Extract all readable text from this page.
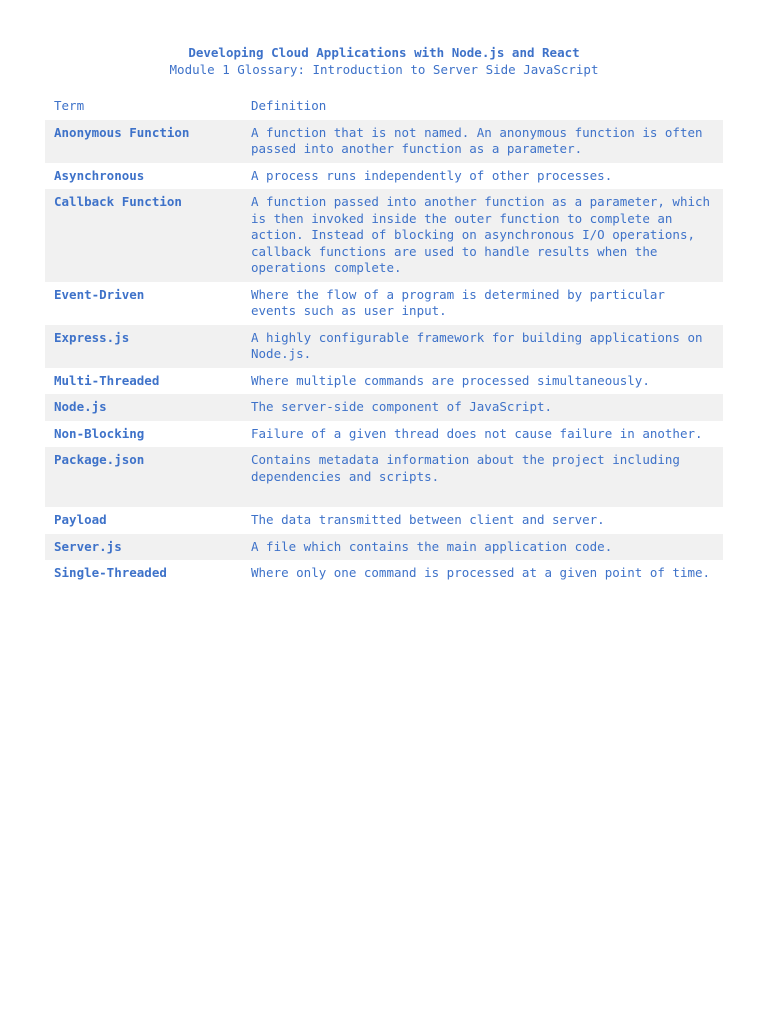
Developing Cloud Applications with Node.js and React
Module 1 Glossary: Introduction to Server Side JavaScript
Term	Definition
Anonymous Function	A function that is not named. An anonymous function is often passed into another function as a parameter.
Asynchronous	A process runs independently of other processes.
Callback Function	A function passed into another function as a parameter, which is then invoked inside the outer function to complete an action. Instead of blocking on asynchronous I/O operations, callback functions are used to handle results when the operations complete.
Event-Driven	Where the flow of a program is determined by particular events such as user input.
Express.js	A highly configurable framework for building applications on Node.js.
Multi-Threaded	Where multiple commands are processed simultaneously.
Node.js	The server-side component of JavaScript.
Non-Blocking	Failure of a given thread does not cause failure in another.
Package.json	Contains metadata information about the project including dependencies and scripts.
Payload	The data transmitted between client and server.
Server.js	A file which contains the main application code.
Single-Threaded	Where only one command is processed at a given point of time.
